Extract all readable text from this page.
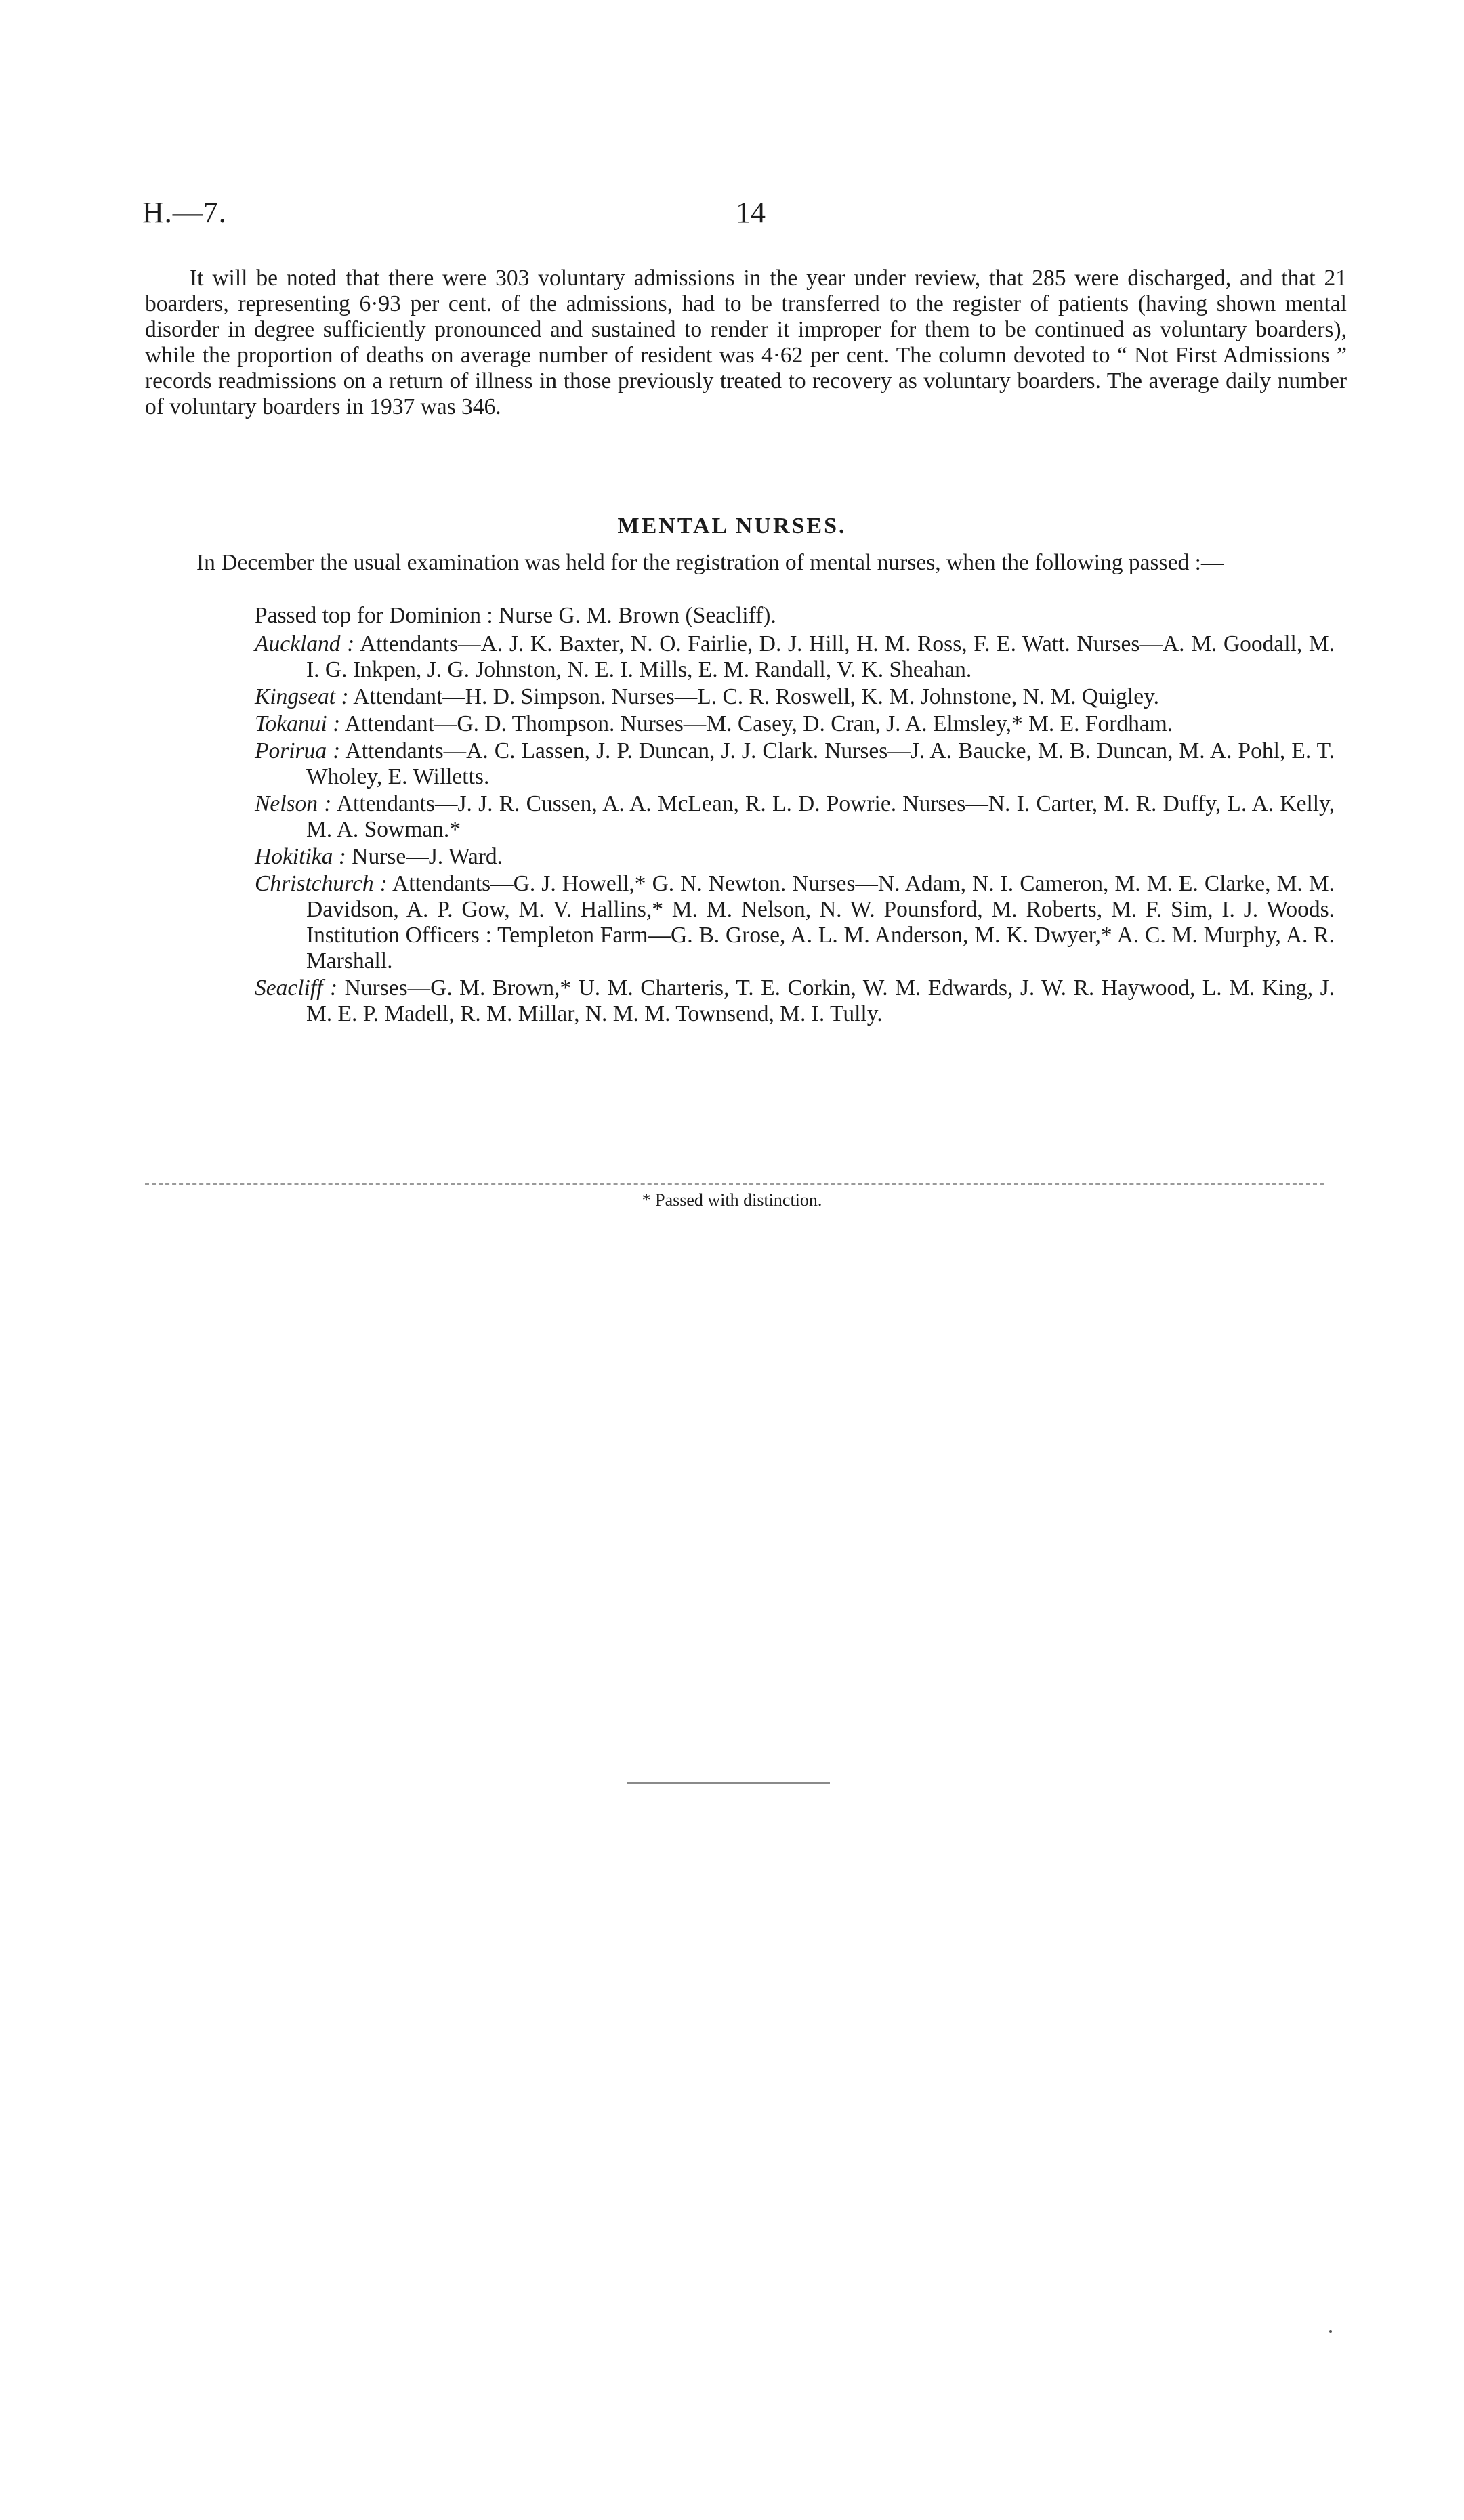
H.—7.	14

It will be noted that there were 303 voluntary admissions in the year under review, that 285 were discharged, and that 21 boarders, representing 6·93 per cent. of the admissions, had to be transferred to the register of patients (having shown mental disorder in degree sufficiently pronounced and sustained to render it improper for them to be continued as voluntary boarders), while the proportion of deaths on average number of resident was 4·62 per cent. The column devoted to “ Not First Admissions ” records readmissions on a return of illness in those previously treated to recovery as voluntary boarders. The average daily number of voluntary boarders in 1937 was 346.

MENTAL NURSES.

In December the usual examination was held for the registration of mental nurses, when the following passed :—

Passed top for Dominion : Nurse G. M. Brown (Seacliff).

Auckland : Attendants—A. J. K. Baxter, N. O. Fairlie, D. J. Hill, H. M. Ross, F. E. Watt. Nurses—A. M. Goodall, M. I. G. Inkpen, J. G. Johnston, N. E. I. Mills, E. M. Randall, V. K. Sheahan.

Kingseat : Attendant—H. D. Simpson. Nurses—L. C. R. Roswell, K. M. Johnstone, N. M. Quigley.

Tokanui : Attendant—G. D. Thompson. Nurses—M. Casey, D. Cran, J. A. Elmsley,* M. E. Fordham.

Porirua : Attendants—A. C. Lassen, J. P. Duncan, J. J. Clark. Nurses—J. A. Baucke, M. B. Duncan, M. A. Pohl, E. T. Wholey, E. Willetts.

Nelson : Attendants—J. J. R. Cussen, A. A. McLean, R. L. D. Powrie. Nurses—N. I. Carter, M. R. Duffy, L. A. Kelly, M. A. Sowman.*

Hokitika : Nurse—J. Ward.

Christchurch : Attendants—G. J. Howell,* G. N. Newton. Nurses—N. Adam, N. I. Cameron, M. M. E. Clarke, M. M. Davidson, A. P. Gow, M. V. Hallins,* M. M. Nelson, N. W. Pounsford, M. Roberts, M. F. Sim, I. J. Woods. Institution Officers : Templeton Farm—G. B. Grose, A. L. M. Anderson, M. K. Dwyer,* A. C. M. Murphy, A. R. Marshall.

Seacliff : Nurses—G. M. Brown,* U. M. Charteris, T. E. Corkin, W. M. Edwards, J. W. R. Haywood, L. M. King, J. M. E. P. Madell, R. M. Millar, N. M. M. Townsend, M. I. Tully.

* Passed with distinction.
